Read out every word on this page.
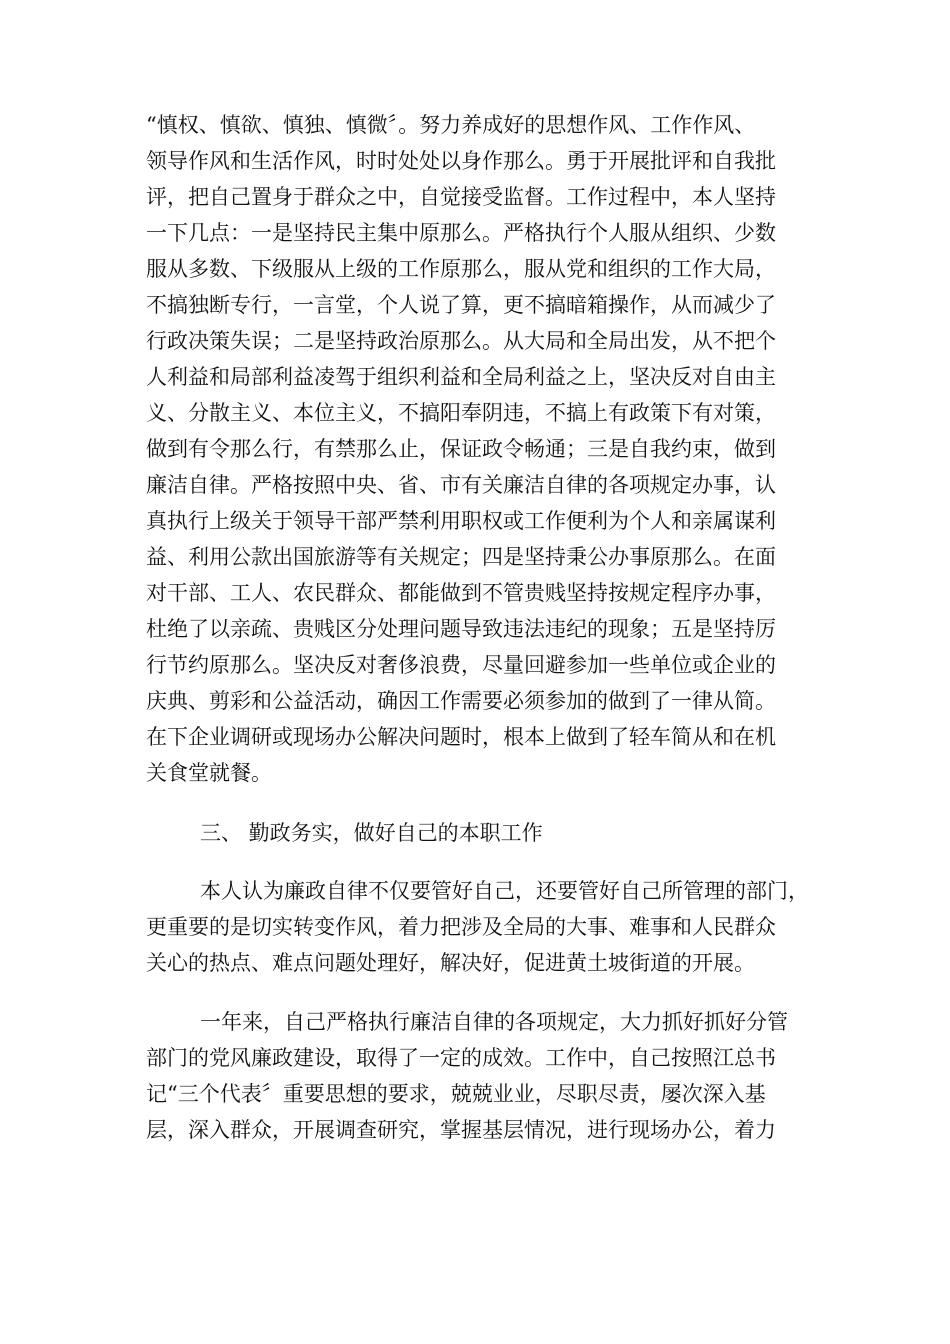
“慎权、慎欲、慎独、慎微〞。努力养成好的思想作风、工作作风、
领导作风和生活作风，时时处处以身作那么。勇于开展批评和自我批
评，把自己置身于群众之中，自觉接受监督。工作过程中，本人坚持
一下几点：一是坚持民主集中原那么。严格执行个人服从组织、少数
服从多数、下级服从上级的工作原那么，服从党和组织的工作大局，
不搞独断专行，一言堂，个人说了算，更不搞暗箱操作，从而减少了
行政决策失误；二是坚持政治原那么。从大局和全局出发，从不把个
人利益和局部利益凌驾于组织利益和全局利益之上，坚决反对自由主
义、分散主义、本位主义，不搞阳奉阴违，不搞上有政策下有对策，
做到有令那么行，有禁那么止，保证政令畅通；三是自我约束，做到
廉洁自律。严格按照中央、省、市有关廉洁自律的各项规定办事，认
真执行上级关于领导干部严禁利用职权或工作便利为个人和亲属谋利
益、利用公款出国旅游等有关规定；四是坚持秉公办事原那么。在面
对干部、工人、农民群众、都能做到不管贵贱坚持按规定程序办事，
杜绝了以亲疏、贵贱区分处理问题导致违法违纪的现象；五是坚持厉
行节约原那么。坚决反对奢侈浪费，尽量回避参加一些单位或企业的
庆典、剪彩和公益活动，确因工作需要必须参加的做到了一律从简。
在下企业调研或现场办公解决问题时，根本上做到了轻车简从和在机
关食堂就餐。
三、 勤政务实，做好自己的本职工作
本人认为廉政自律不仅要管好自己，还要管好自己所管理的部门，
更重要的是切实转变作风，着力把涉及全局的大事、难事和人民群众
关心的热点、难点问题处理好，解决好，促进黄土坡街道的开展。
一年来，自己严格执行廉洁自律的各项规定，大力抓好抓好分管
部门的党风廉政建设，取得了一定的成效。工作中，自己按照江总书
记“三个代表〞重要思想的要求，兢兢业业，尽职尽责，屡次深入基
层，深入群众，开展调查研究，掌握基层情况，进行现场办公，着力
